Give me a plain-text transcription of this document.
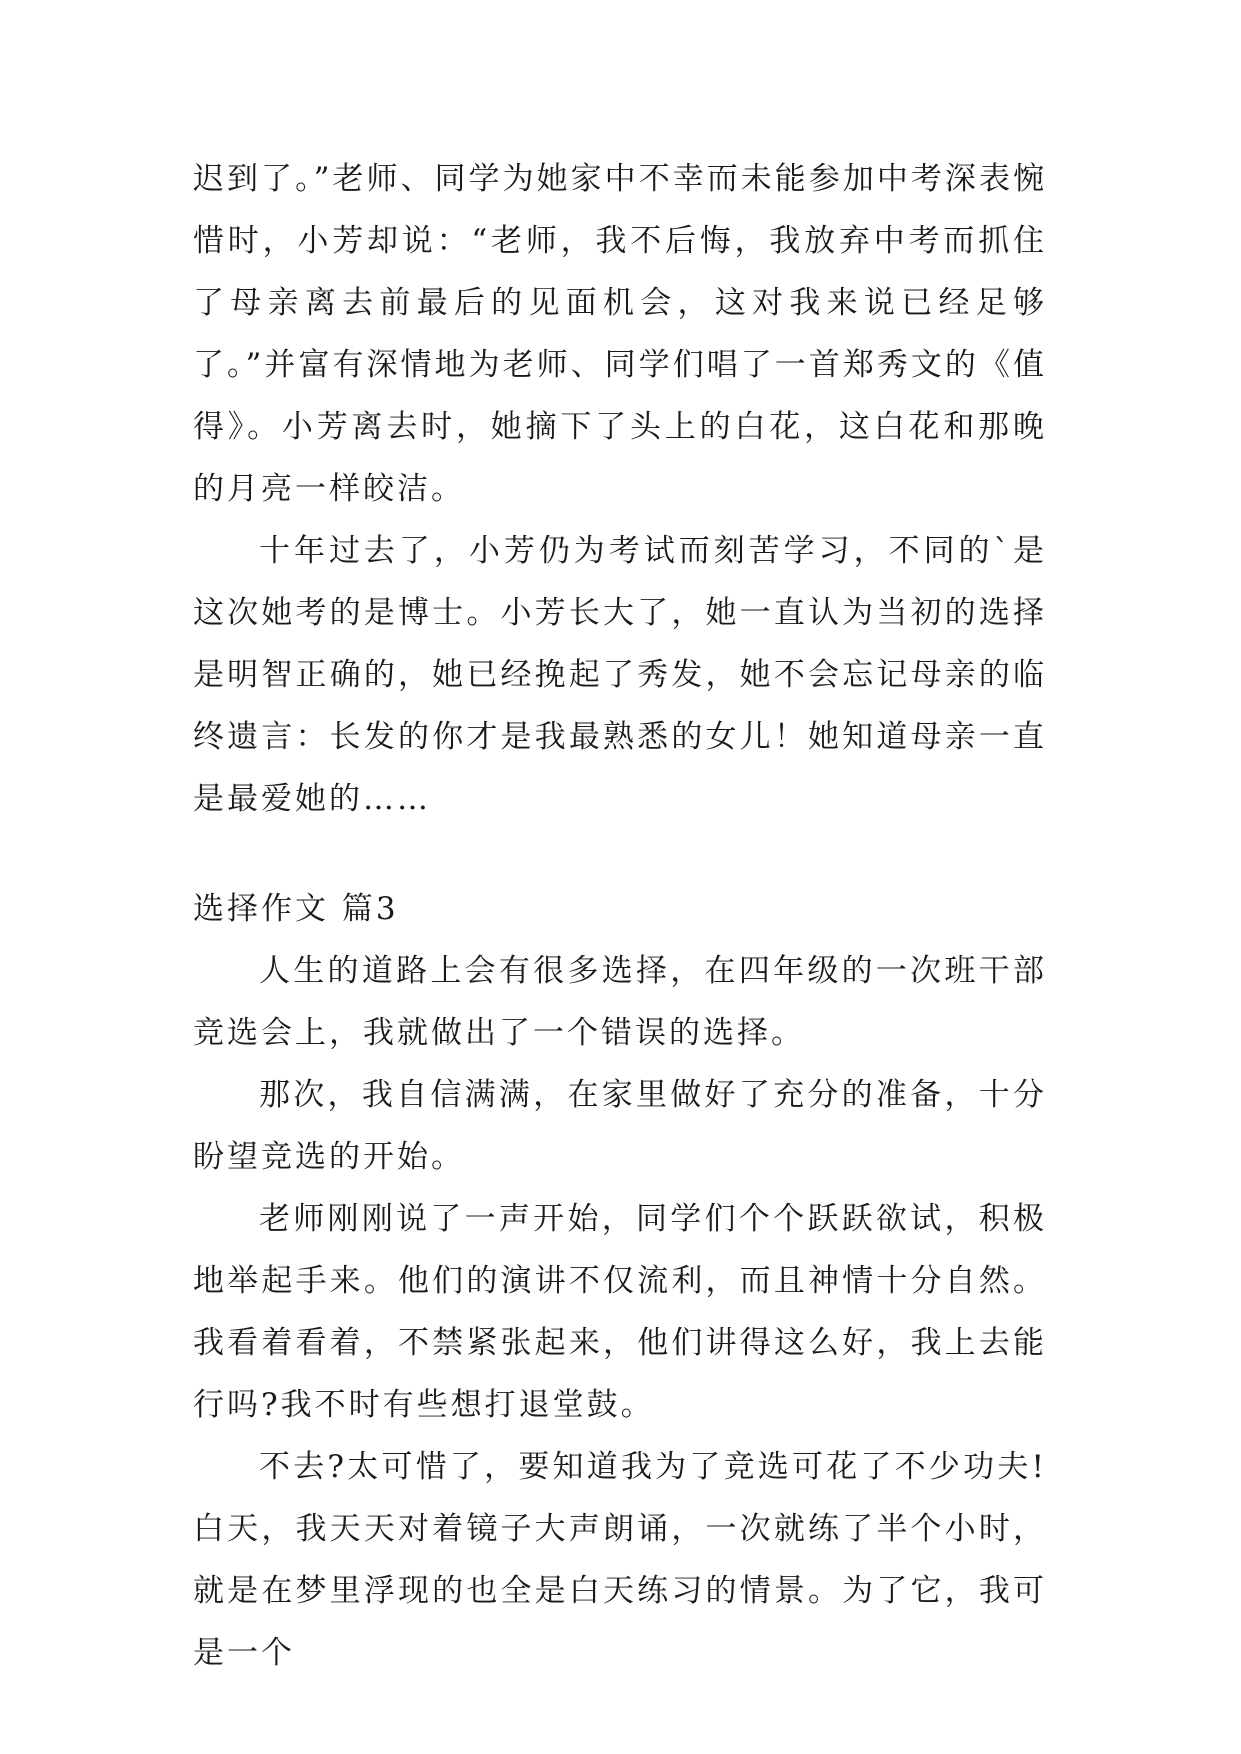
迟到了。”老师、同学为她家中不幸而未能参加中考深表惋惜时，小芳却说：“老师，我不后悔，我放弃中考而抓住了母亲离去前最后的见面机会，这对我来说已经足够了。”并富有深情地为老师、同学们唱了一首郑秀文的《值得》。小芳离去时，她摘下了头上的白花，这白花和那晚的月亮一样皎洁。

十年过去了，小芳仍为考试而刻苦学习，不同的`是这次她考的是博士。小芳长大了，她一直认为当初的选择是明智正确的，她已经挽起了秀发，她不会忘记母亲的临终遗言：长发的你才是我最熟悉的女儿！她知道母亲一直是最爱她的……

选择作文 篇3

人生的道路上会有很多选择，在四年级的一次班干部竞选会上，我就做出了一个错误的选择。

那次，我自信满满，在家里做好了充分的准备，十分盼望竞选的开始。

老师刚刚说了一声开始，同学们个个跃跃欲试，积极地举起手来。他们的演讲不仅流利，而且神情十分自然。我看着看着，不禁紧张起来，他们讲得这么好，我上去能行吗?我不时有些想打退堂鼓。

不去?太可惜了，要知道我为了竞选可花了不少功夫!白天，我天天对着镜子大声朗诵，一次就练了半个小时，就是在梦里浮现的也全是白天练习的情景。为了它，我可是一个
